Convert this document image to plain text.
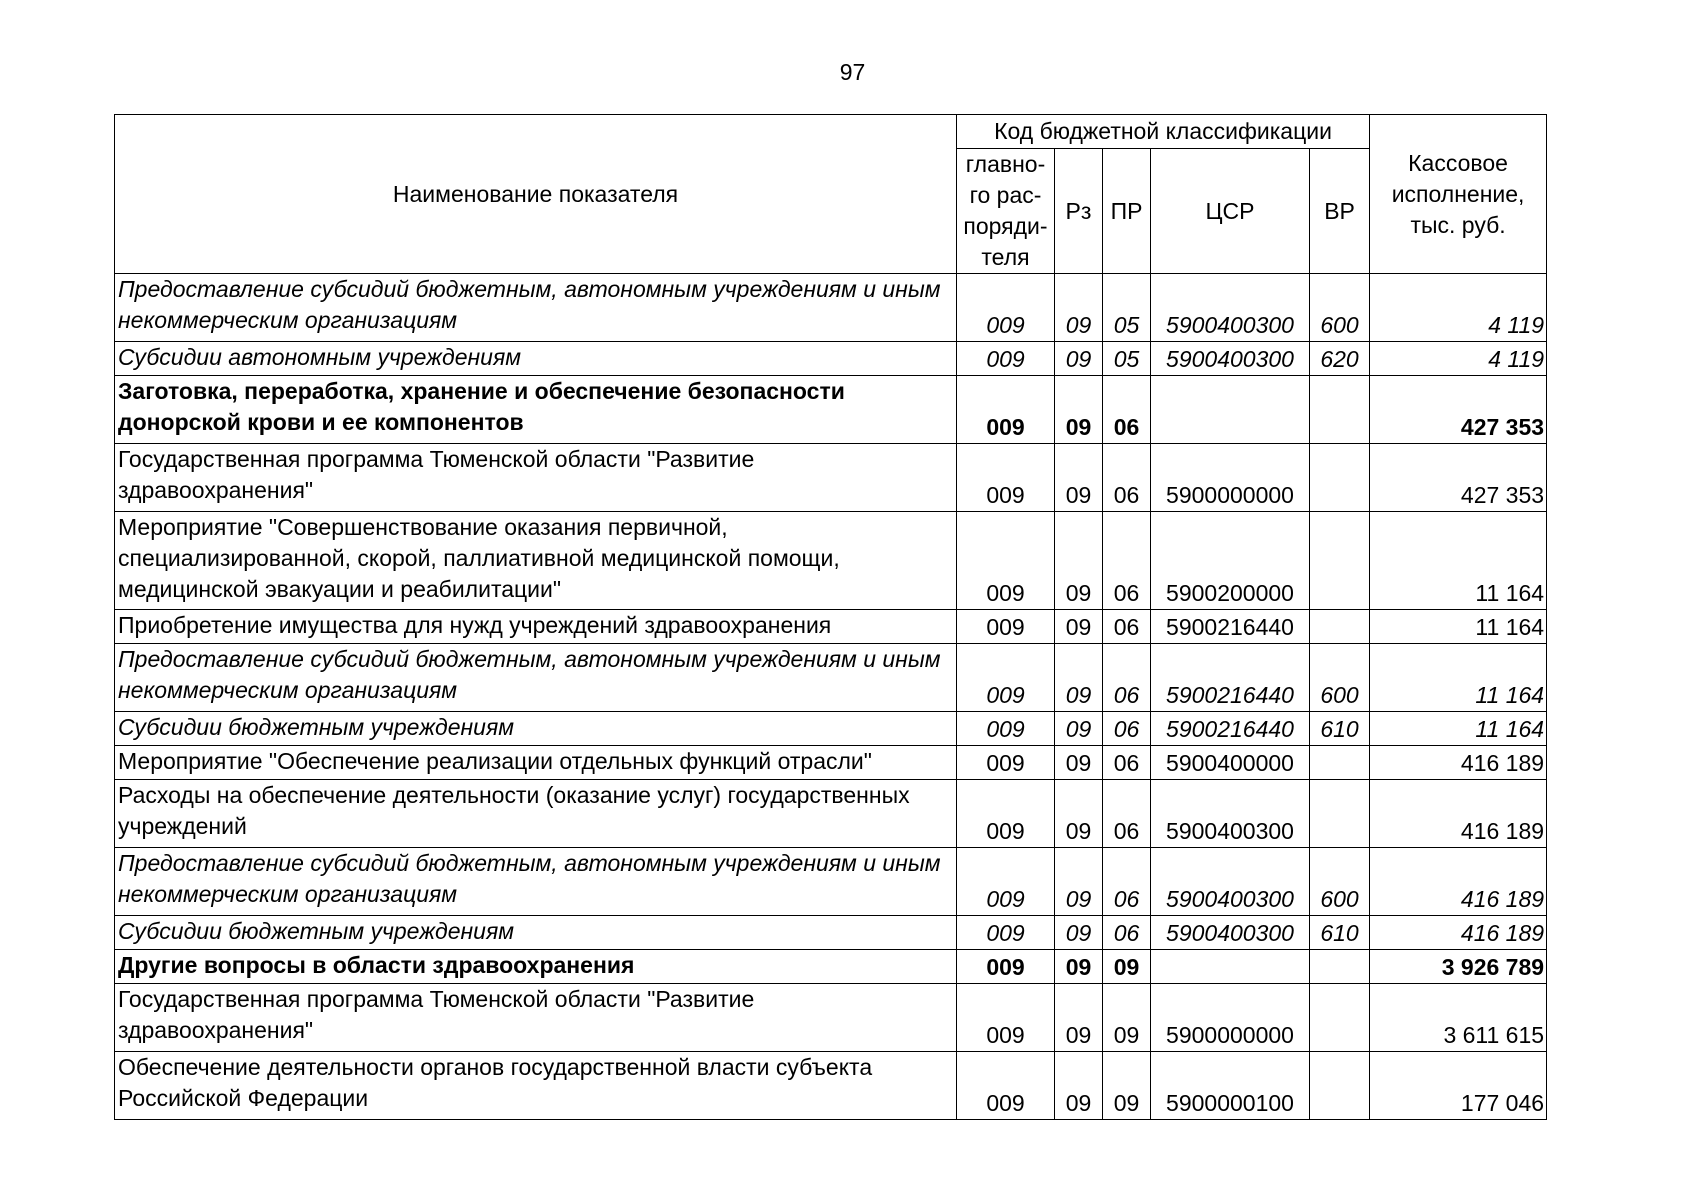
97
Наименование показателя	Код бюджетной классификации					Кассовое исполнение, тыс. руб.
	главно-го рас-поряди-теля	Рз	ПР	ЦСР	ВР	
Предоставление субсидий бюджетным, автономным учреждениям и иным некоммерческим организациям	009	09	05	5900400300	600	4 119
Субсидии автономным учреждениям	009	09	05	5900400300	620	4 119
Заготовка, переработка, хранение и обеспечение безопасности донорской крови и ее компонентов	009	09	06			427 353
Государственная программа Тюменской области "Развитие здравоохранения"	009	09	06	5900000000		427 353
Мероприятие "Совершенствование оказания первичной, специализированной, скорой, паллиативной медицинской помощи, медицинской эвакуации и реабилитации"	009	09	06	5900200000		11 164
Приобретение имущества для нужд учреждений здравоохранения	009	09	06	5900216440		11 164
Предоставление субсидий бюджетным, автономным учреждениям и иным некоммерческим организациям	009	09	06	5900216440	600	11 164
Субсидии бюджетным учреждениям	009	09	06	5900216440	610	11 164
Мероприятие "Обеспечение реализации отдельных функций отрасли"	009	09	06	5900400000		416 189
Расходы на обеспечение деятельности (оказание услуг) государственных учреждений	009	09	06	5900400300		416 189
Предоставление субсидий бюджетным, автономным учреждениям и иным некоммерческим организациям	009	09	06	5900400300	600	416 189
Субсидии бюджетным учреждениям	009	09	06	5900400300	610	416 189
Другие вопросы в области здравоохранения	009	09	09			3 926 789
Государственная программа Тюменской области "Развитие здравоохранения"	009	09	09	5900000000		3 611 615
Обеспечение деятельности органов государственной власти субъекта Российской Федерации	009	09	09	5900000100		177 046
